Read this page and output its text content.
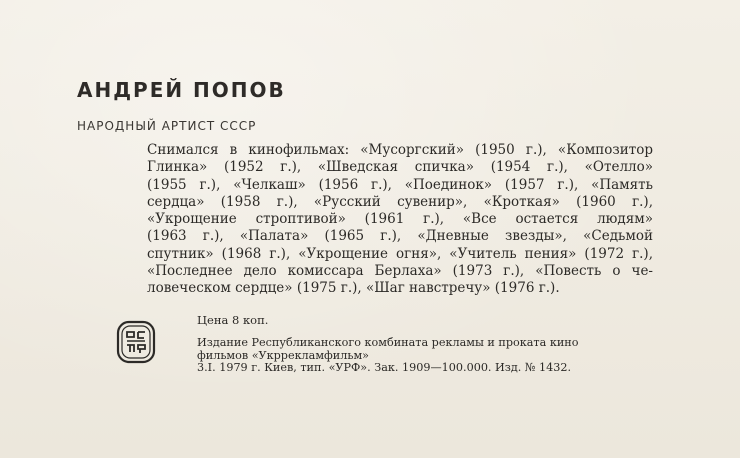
АНДРЕЙ ПОПОВ

НАРОДНЫЙ АРТИСТ СССР

Снимался в кинофильмах: «Мусоргский» (1950 г.), «Композитор
Глинка» (1952 г.), «Шведская спичка» (1954 г.), «Отелло»
(1955 г.), «Челкаш» (1956 г.), «Поединок» (1957 г.), «Память
сердца» (1958 г.), «Русский сувенир», «Кроткая» (1960 г.),
«Укрощение строптивой» (1961 г.), «Все остается людям»
(1963 г.), «Палата» (1965 г.), «Дневные звезды», «Седьмой
спутник» (1968 г.), «Укрощение огня», «Учитель пения» (1972 г.),
«Последнее дело комиссара Берлаха» (1973 г.), «Повесть о че-
ловеческом сердце» (1975 г.), «Шаг навстречу» (1976 г.).

Цена 8 коп.

Издание Республиканского комбината рекламы и проката кино
фильмов «Укррекламфильм»

3.I. 1979 г. Киев, тип. «УРФ». Зак. 1909—100.000. Изд. № 1432.
